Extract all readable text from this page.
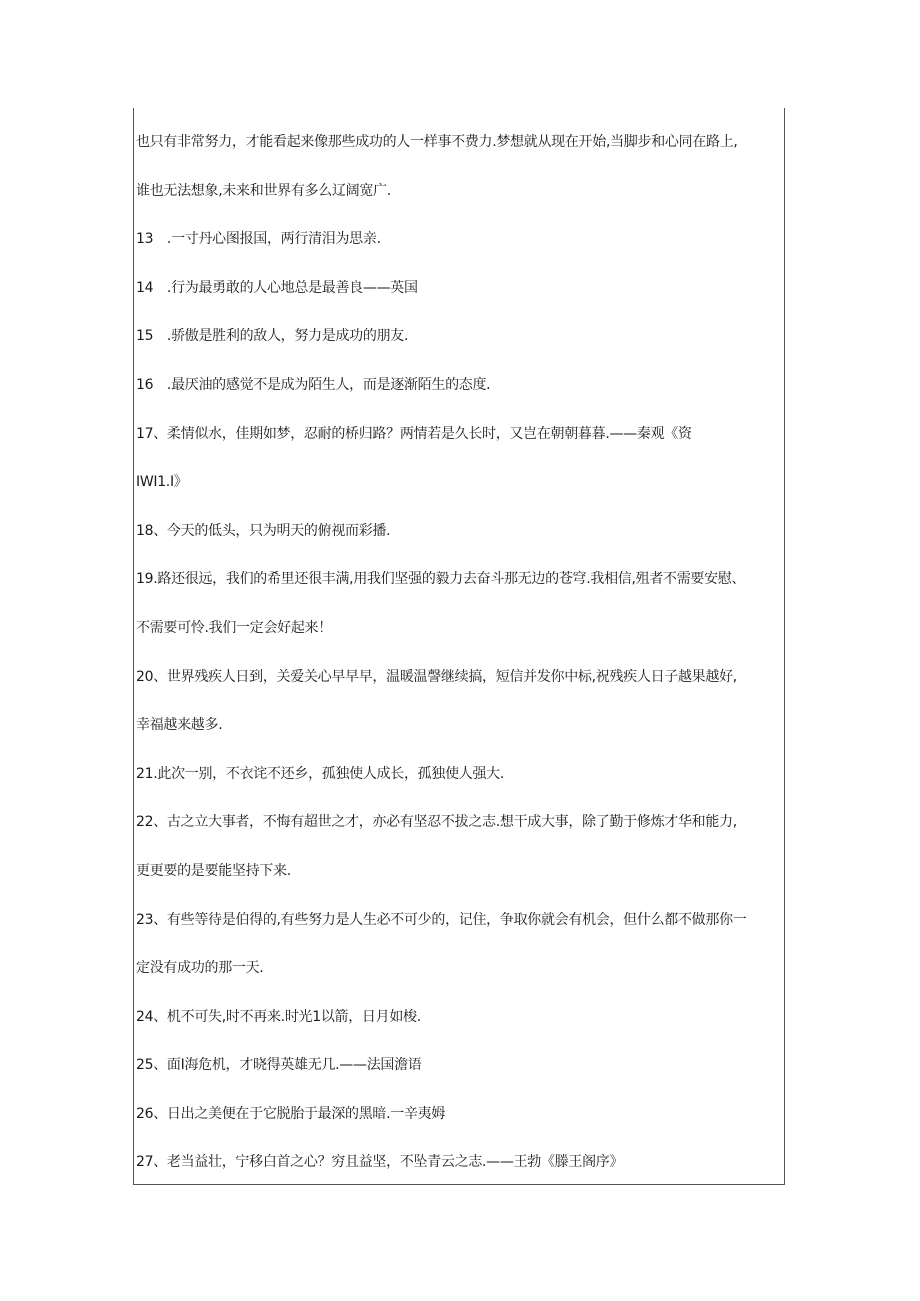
也只有非常努力，才能看起来像那些成功的人一样事不费力.梦想就从现在开始,当脚步和心同在路上,
谁也无法想象,未来和世界有多么辽阔宽广.
13　.一寸丹心图报国，两行清泪为思亲.
14　.行为最勇敢的人心地总是最善良——英国
15　.骄傲是胜利的敌人，努力是成功的朋友.
16　.最厌油的感觉不是成为陌生人，而是逐渐陌生的态度.
17、柔情似水，佳期如梦，忍耐的桥归路？两情若是久长时，又岂在朝朝暮暮.——秦观《资
IWI1.I》
18、今天的低头，只为明天的俯视而彩播.
19.路还很远，我们的希里还很丰满,用我们坚强的毅力去奋斗那无边的苍穹.我相信,殂者不需要安慰、
不需要可怜.我们一定会好起来！
20、世界残疾人日到，关爱关心早早早，温暖温謦继续搞，短信并发你中标,祝残疾人日子越果越好,
幸福越来越多.
21.此次一别，不衣诧不还乡，孤独使人成长，孤独使人强大.
22、古之立大事者，不悔有超世之才，亦必有坚忍不拔之志.想干成大事，除了勤于修炼才华和能力,
更更要的是要能坚持下来.
23、有些等待是伯得的,有些努力是人生必不可少的，记住，争取你就会有机会，但什么都不做那你一
定没有成功的那一天.
24、机不可失,时不再来.时光1以箭，日月如梭.
25、面I海危机，才晓得英雄无几.——法国澹语
26、日出之美便在于它脱胎于最深的黑暗.一辛夷姆
27、老当益壮，宁移白首之心？穷且益坚，不坠青云之志.——王勃《滕王阁序》
